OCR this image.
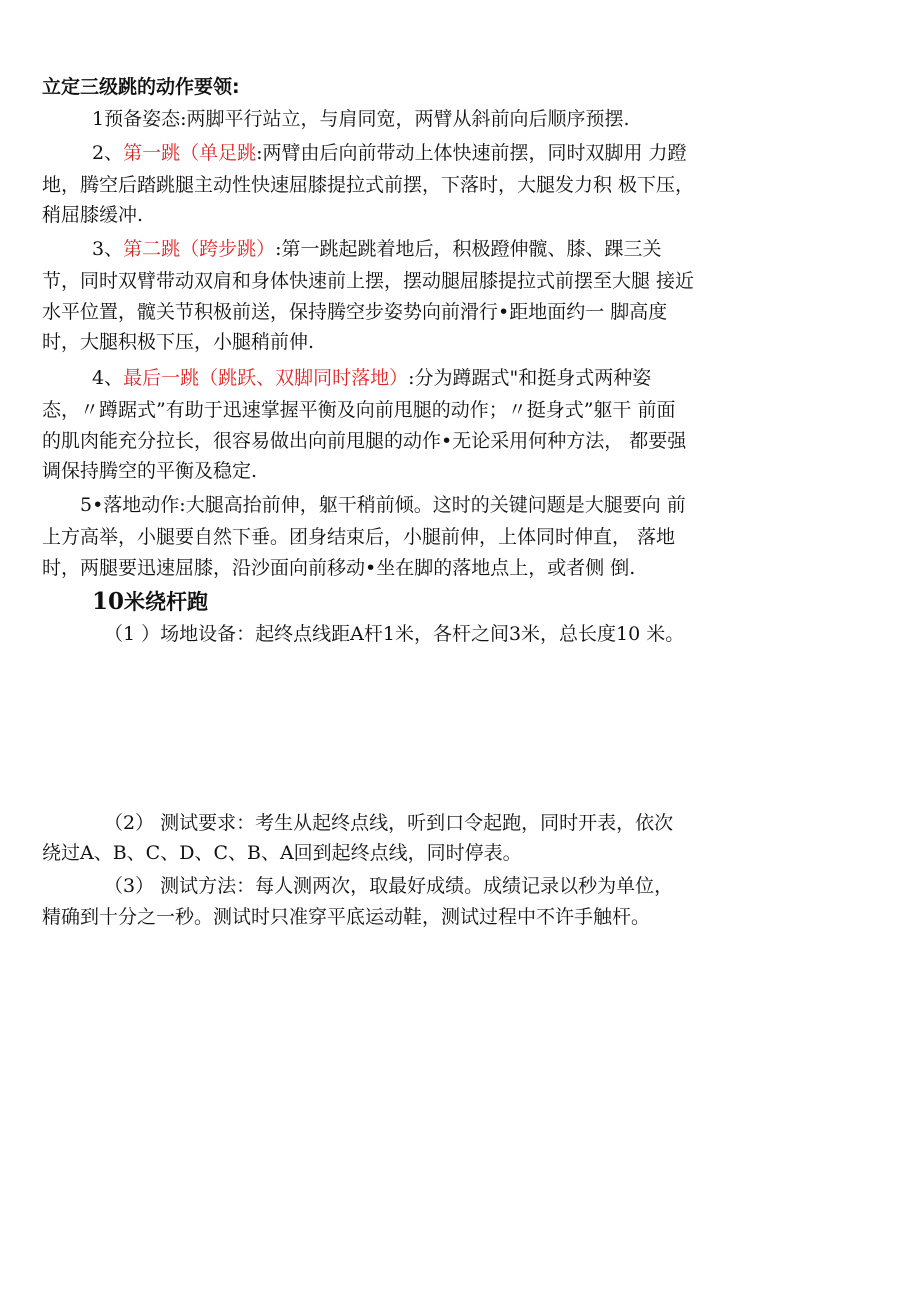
立定三级跳的动作要领:
1预备姿态:两脚平行站立，与肩同宽，两臂从斜前向后顺序预摆.
2、第一跳（单足跳:两臂由后向前带动上体快速前摆，同时双脚用 力蹬
地，腾空后踏跳腿主动性快速屈膝提拉式前摆，下落时，大腿发力积 极下压，
稍屈膝缓冲.
3、第二跳（跨步跳）:第一跳起跳着地后，积极蹬伸髋、膝、踝三关
节，同时双臂带动双肩和身体快速前上摆，摆动腿屈膝提拉式前摆至大腿 接近
水平位置，髋关节积极前送，保持腾空步姿势向前滑行•距地面约一 脚高度
时，大腿积极下压，小腿稍前伸.
4、最后一跳（跳跃、双脚同时落地）:分为蹲踞式"和挺身式两种姿
态，〃蹲踞式”有助于迅速掌握平衡及向前甩腿的动作；〃挺身式”躯干 前面
的肌肉能充分拉长，很容易做出向前甩腿的动作•无论采用何种方法， 都要强
调保持腾空的平衡及稳定.
5•落地动作:大腿高抬前伸，躯干稍前倾。这时的关键问题是大腿要向 前
上方高举，小腿要自然下垂。团身结束后，小腿前伸，上体同时伸直， 落地
时，两腿要迅速屈膝，沿沙面向前移动•坐在脚的落地点上，或者侧 倒.
10米绕杆跑
（1 ）场地设备：起终点线距A杆1米，各杆之间3米，总长度10 米。
（2） 测试要求：考生从起终点线，听到口令起跑，同时开表，依次
绕过A、B、C、D、C、B、A回到起终点线，同时停表。
（3） 测试方法：每人测两次，取最好成绩。成绩记录以秒为单位，
精确到十分之一秒。测试时只准穿平底运动鞋，测试过程中不许手触杆。
